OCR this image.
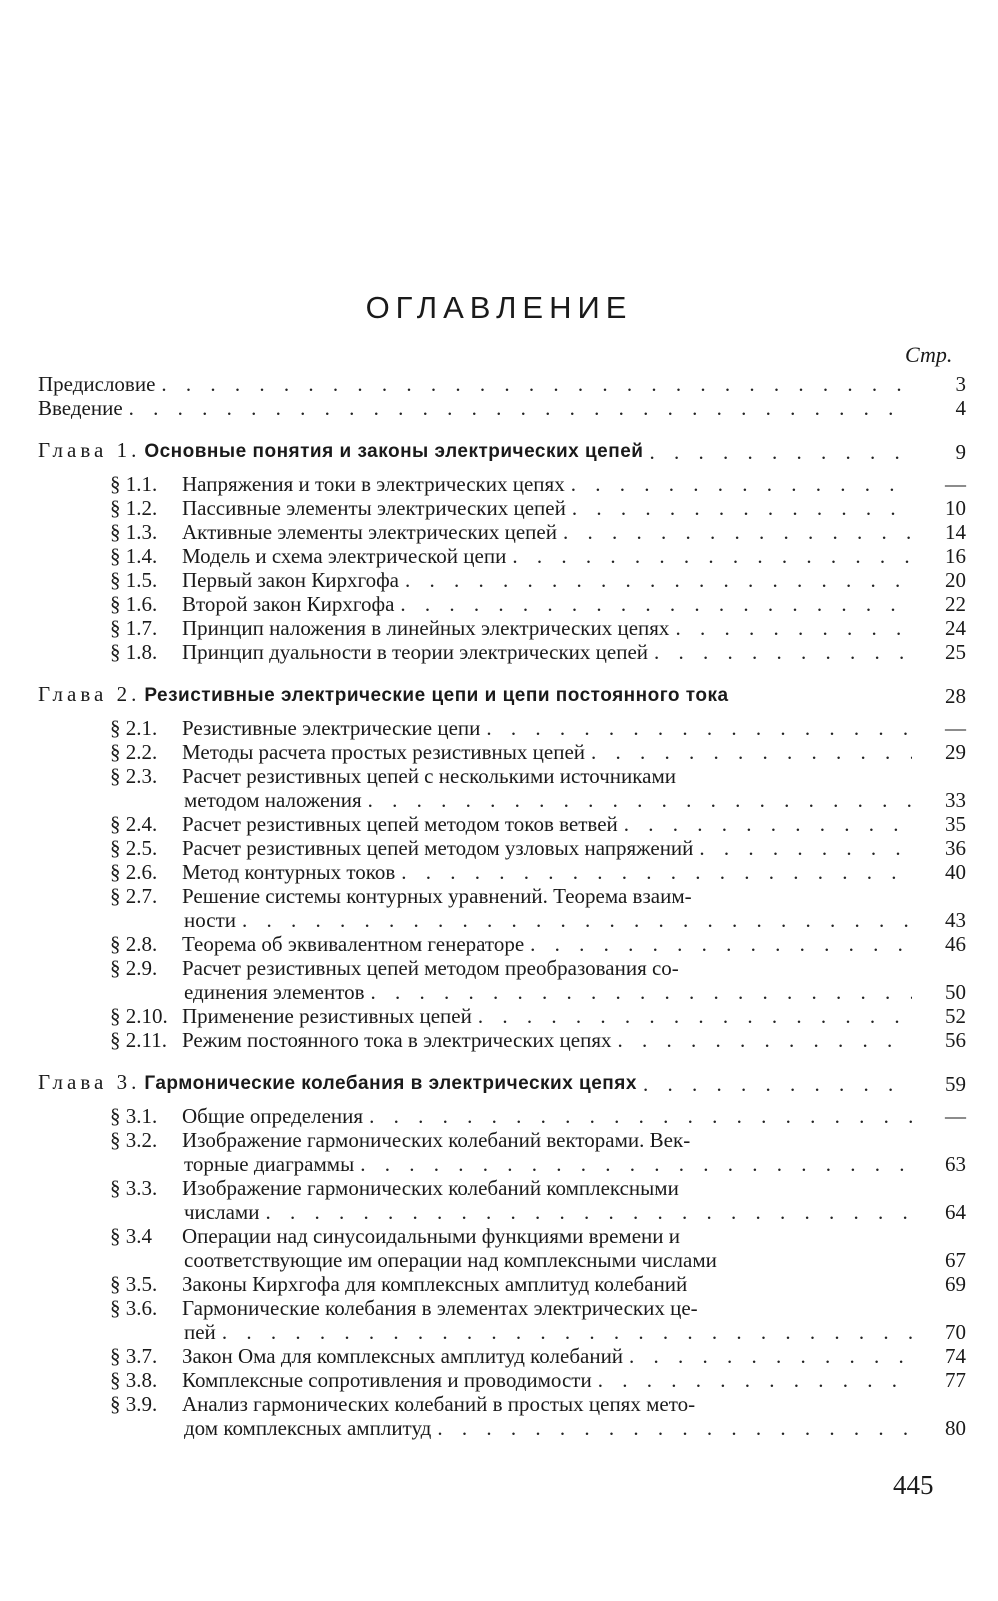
ОГЛАВЛЕНИЕ
Стр.
Предисловие . . .	3
Введение . . .	4
Глава 1. Основные понятия и законы электрических цепей . . .	9
§ 1.1. Напряжения и токи в электрических цепях . . .	—
§ 1.2. Пассивные элементы электрических цепей . . .	10
§ 1.3. Активные элементы электрических цепей . . .	14
§ 1.4. Модель и схема электрической цепи . . .	16
§ 1.5. Первый закон Кирхгофа . . .	20
§ 1.6. Второй закон Кирхгофа . . .	22
§ 1.7. Принцип наложения в линейных электрических цепях . . .	24
§ 1.8. Принцип дуальности в теории электрических цепей . . .	25
Глава 2. Резистивные электрические цепи и цепи постоянного тока	28
§ 2.1. Резистивные электрические цепи . . .	—
§ 2.2. Методы расчета простых резистивных цепей . . .	29
§ 2.3. Расчет резистивных цепей с несколькими источниками
методом наложения . . .	33
§ 2.4. Расчет резистивных цепей методом токов ветвей . . .	35
§ 2.5. Расчет резистивных цепей методом узловых напряжений . . .	36
§ 2.6. Метод контурных токов . . .	40
§ 2.7. Решение системы контурных уравнений. Теорема взаим-
ности . . .	43
§ 2.8. Теорема об эквивалентном генераторе . . .	46
§ 2.9. Расчет резистивных цепей методом преобразования со-
единения элементов . . .	50
§ 2.10. Применение резистивных цепей . . .	52
§ 2.11. Режим постоянного тока в электрических цепях . . .	56
Глава 3. Гармонические колебания в электрических цепях . . .	59
§ 3.1. Общие определения . . .	—
§ 3.2. Изображение гармонических колебаний векторами. Век-
торные диаграммы . . .	63
§ 3.3. Изображение гармонических колебаний комплексными
числами . . .	64
§ 3.4 Операции над синусоидальными функциями времени и
соответствующие им операции над комплексными числами	67
§ 3.5. Законы Кирхгофа для комплексных амплитуд колебаний	69
§ 3.6. Гармонические колебания в элементах электрических це-
пей . . .	70
§ 3.7. Закон Ома для комплексных амплитуд колебаний . . .	74
§ 3.8. Комплексные сопротивления и проводимости . . .	77
§ 3.9. Анализ гармонических колебаний в простых цепях мето-
дом комплексных амплитуд . . .	80
445
